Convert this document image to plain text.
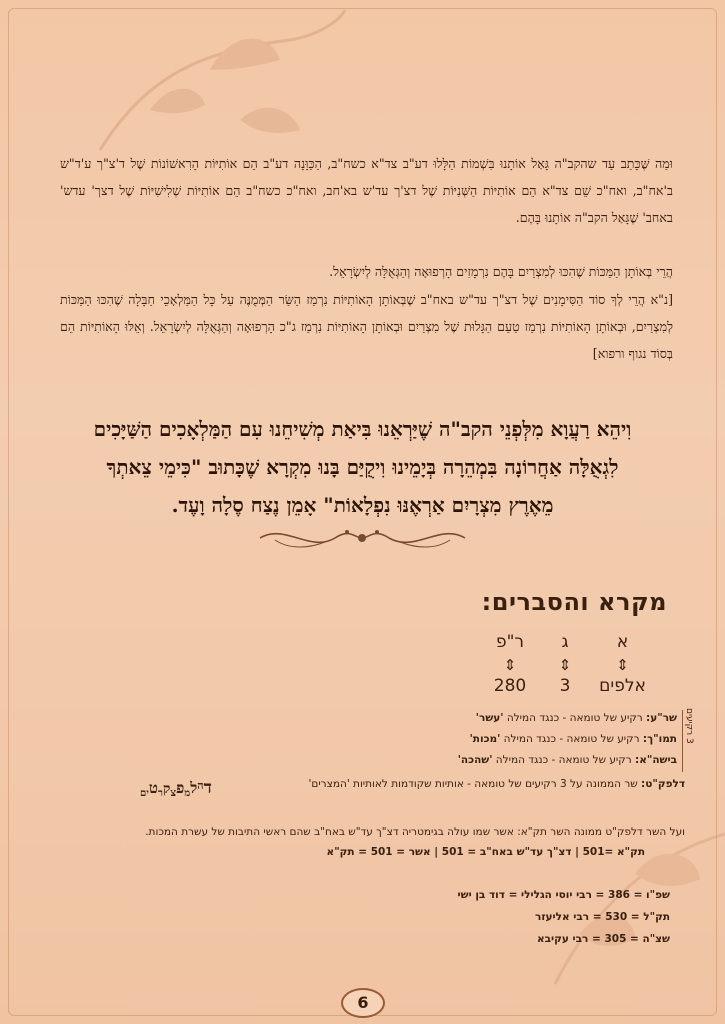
וּמַה שֶּׁכָּתַב עַד שהקב"ה גָּאַל אוֹתָנוּ בִּשְׁמוֹת הַלָּלוּ דע"ב צד"א כשח"ב, הַכַּוָּנָה דע"ב הֵם אוֹתִיּוֹת הָרִאשׁוֹנוֹת שֶׁל ד'צ"ך ע'ד"ש ב'אח"ב, ואח"כ שֵׁם צד"א הֵם אוֹתִיּוֹת הַשְּׁנִיּוֹת שֶׁל דצ'ך עד'ש בא'חב, ואח"כ כשח"ב הֵם אוֹתִיּוֹת שְׁלִישִׁיּוֹת שֶׁל דצך' עדש' באחב' שֶׁגָּאַל הקב"ה אוֹתָנוּ בָּהֶם.
הֲרֵי בְּאוֹתָן הַמַּכּוֹת שֶׁהִכּוּ לְמִצְרַיִם בָּהֶם נִרְמָזִים הָרְפוּאָה וְהַגְּאֻלָּה לְיִשְׂרָאֵל.
[נ"א הֲרֵי לְךָ סוֹד הַסִּימָנִים שֶׁל דצ"ך עד"ש באח"ב שֶׁבְּאוֹתָן הָאוֹתִיּוֹת נִרְמַז הַשַּׂר הַמְּמֻנֶּה עַל כָּל הַמַּלְאָכֵי חַבָּלָה שֶׁהִכּוּ הַמַּכּוֹת לְמִצְרַיִם, וּבְאוֹתָן הָאוֹתִיּוֹת נִרְמַז טַעַם הַגָּלוּת שֶׁל מִצְרַיִם וּבְאוֹתָן הָאוֹתִיּוֹת נִרְמַז ג"כ הָרְפוּאָה וְהַגְּאֻלָּה לְיִשְׂרָאֵל. וְאֵלּוּ הָאוֹתִיּוֹת הֵם בְּסוֹד נגוף ורפוא]
וִיהֵא רַעֲוָא מִלְּפְנֵי הקב"ה שֶׁיַּרְאֵנוּ בִּיאַת מְשִׁיחֵנוּ עִם הַמַּלְאָכִים הַשַּׁיָּכִים
לִגְאֻלָּה אַחֲרוֹנָה בִּמְהֵרָה בְּיָמֵינוּ וִיקֻיַּם בָּנוּ מִקְרָא שֶׁכָּתוּב "כִּימֵי צֵאתְךָ
מֵאֶרֶץ מִצְרָיִם אַרְאֶנּוּ נִפְלָאוֹת" אָמֵן נֶצַח סֶלָה וָעֶד.
מקרא והסברים:
א
⇕
אלפים
ג
⇕
3
ר"פ
⇕
280
3 רקיעים
שר"ע: רקיע של טומאה - כנגד המילה 'עשר'
תמו"ך: רקיע של טומאה - כנגד המילה 'מכות'
בישה"א: רקיע של טומאה - כנגד המילה 'שהכה'
דלפק"ט: שר הממונה על 3 רקיעים של טומאה - אותיות שקודמות לאותיות 'המצרים'
דהלמפצקרטים
ועל השר דלפק"ט ממונה השר תק"א: אשר שמו עולה בגימטריה דצ"ך עד"ש באח"ב שהם ראשי התיבות של עשרת המכות.
תק"א =501 | דצ"ך עד"ש באח"ב = 501 | אשר = 501 = תק"א
שפ"ו = 386 = רבי יוסי הגלילי = דוד בן ישי
תק"ל = 530 = רבי אליעזר
שצ"ה = 305 = רבי עקיבא
6
